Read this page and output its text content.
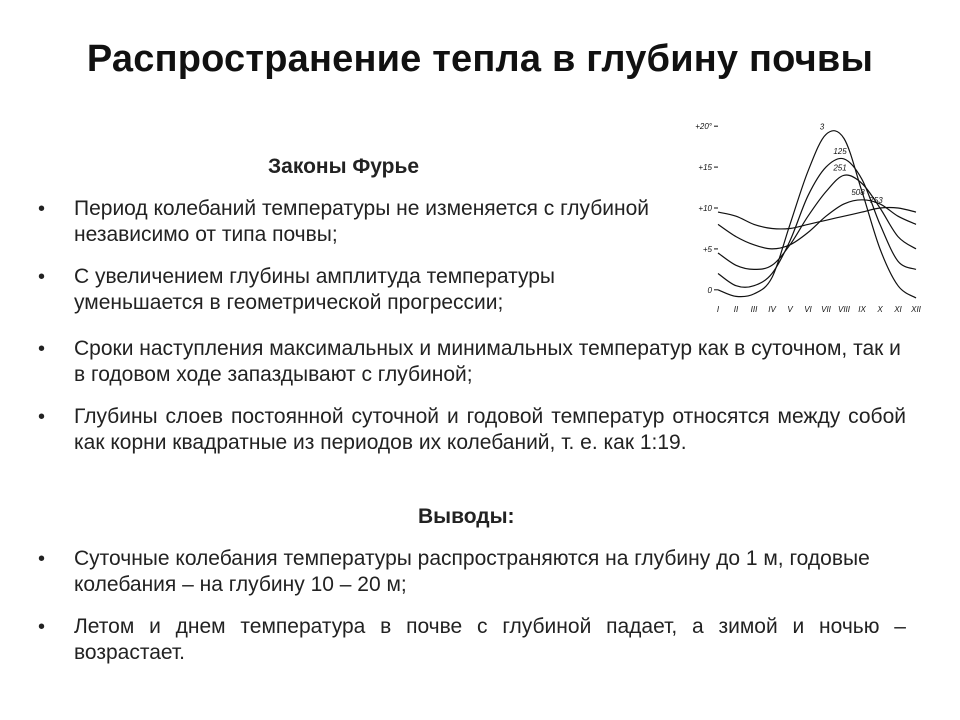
Распространение тепла в глубину почвы
Законы Фурье
• Период колебаний температуры не изменяется с глубиной независимо от типа почвы;
• С увеличением глубины амплитуда температуры уменьшается в геометрической прогрессии;
• Сроки наступления максимальных и минимальных температур как в суточном, так и в годовом ходе запаздывают с глубиной;
• Глубины слоев постоянной суточной и годовой температур относятся между собой как корни квадратные из периодов их колебаний, т. е. как 1:19.
Выводы:
• Суточные колебания температуры распространяются на глубину до 1 м, годовые колебания – на глубину 10 – 20 м;
• Летом и днем температура в почве с глубиной падает, а зимой и ночью – возрастает.
0
+5
+10
+15
+20°
I II III IV V VI VII VIII IX X XI XII
3
125
251
508
753
